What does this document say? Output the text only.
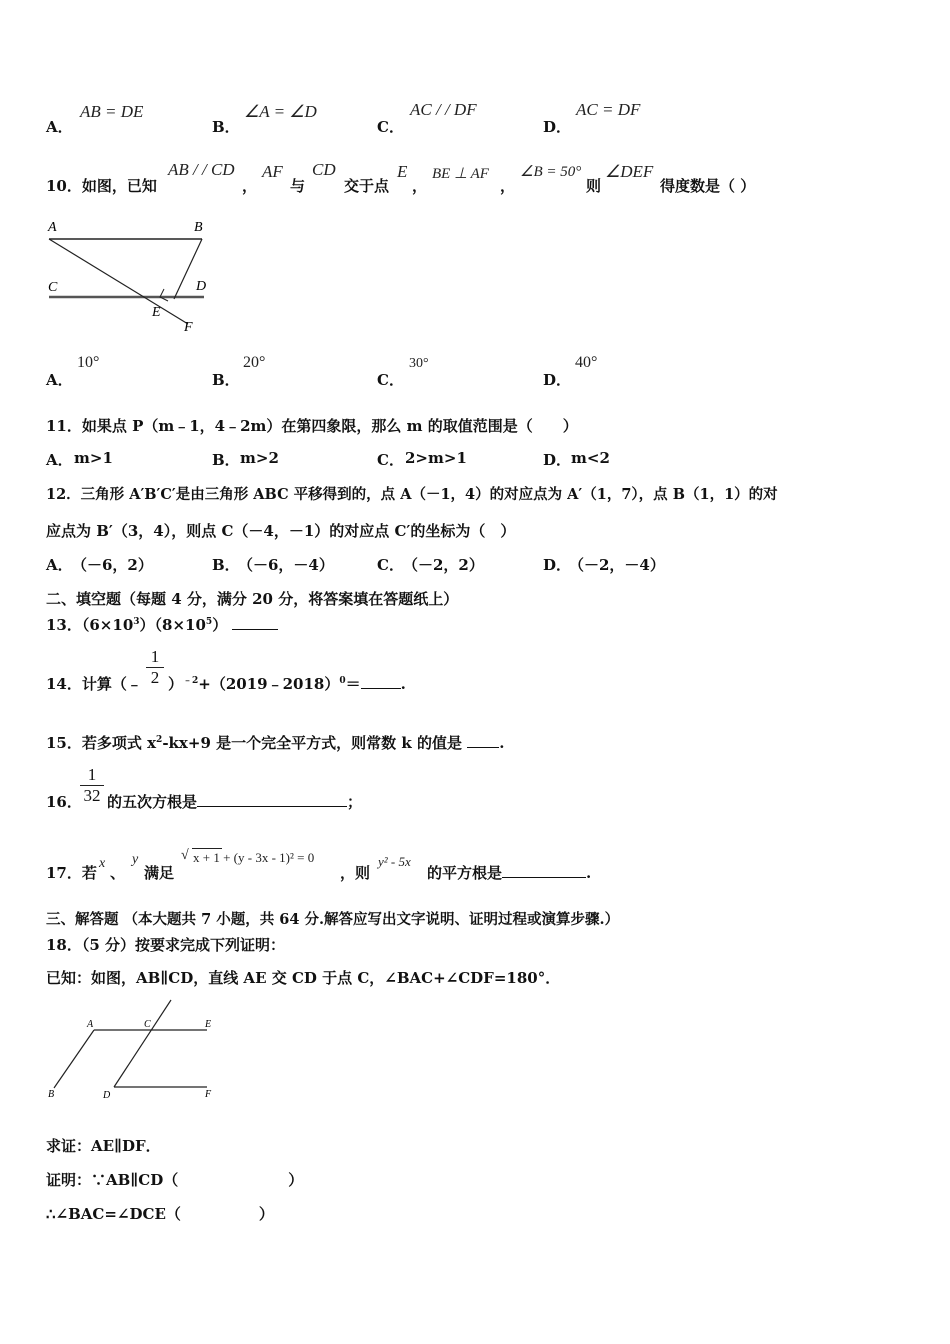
A．
AB = DE
B．
∠A = ∠D
C．
AC / / DF
D．
AC = DF
10．如图，已知
AB / / CD
，
AF
与
CD
交于点
E
，
BE ⊥ AF
，
∠B = 50°
则
∠DEF
得度数是（ ）
A	B
C	D
E
F
A．
10°
B．
20°
C．
30°
D．
40°
11．如果点 P（m﹣1，4﹣2m）在第四象限，那么 m 的取值范围是（　　）
A． m>1	B． m>2	C． 2>m>1	D． m<2
12．三角形 A′B′C′是由三角形 ABC 平移得到的，点 A（－1，4）的对应点为 A′（1，7），点 B（1，1）的对
应点为 B′（3，4），则点 C（－4，－1）的对应点 C′的坐标为（　）
A． （－6，2）	B．
（－6，－4）	C． （－2，2）	D．
（－2，－4）
二、填空题（每题 4 分，满分 20 分，将答案填在答题纸上）
13．$(6\times 10^3)(8\times 10^5)$
14．计算（﹣ $\frac{1}{2}$ ）$^{﹣2}$+（2019﹣2018）$^0$＝	.
15．若多项式 $x^2-kx+9$ 是一个完全平方式，则常数 k 的值是 .
16．
$\frac{1}{32}$ 的五次方根是	；
17．若
x
、
y
满足
√ x + 1 + (y - 3x - 1)² = 0
，则
y² - 5x
的平方根是	.
三、解答题 （本大题共 7 小题，共 64 分.解答应写出文字说明、证明过程或演算步骤.）
18．（5 分）按要求完成下列证明：
已知：如图，AB∥CD，直线 AE 交 CD 于点 C，∠BAC+∠CDF=180°．
A	C	E
B	D	F
求证：AE∥DF．
证明：∵AB∥CD（	）
∴∠BAC=∠DCE（	）
